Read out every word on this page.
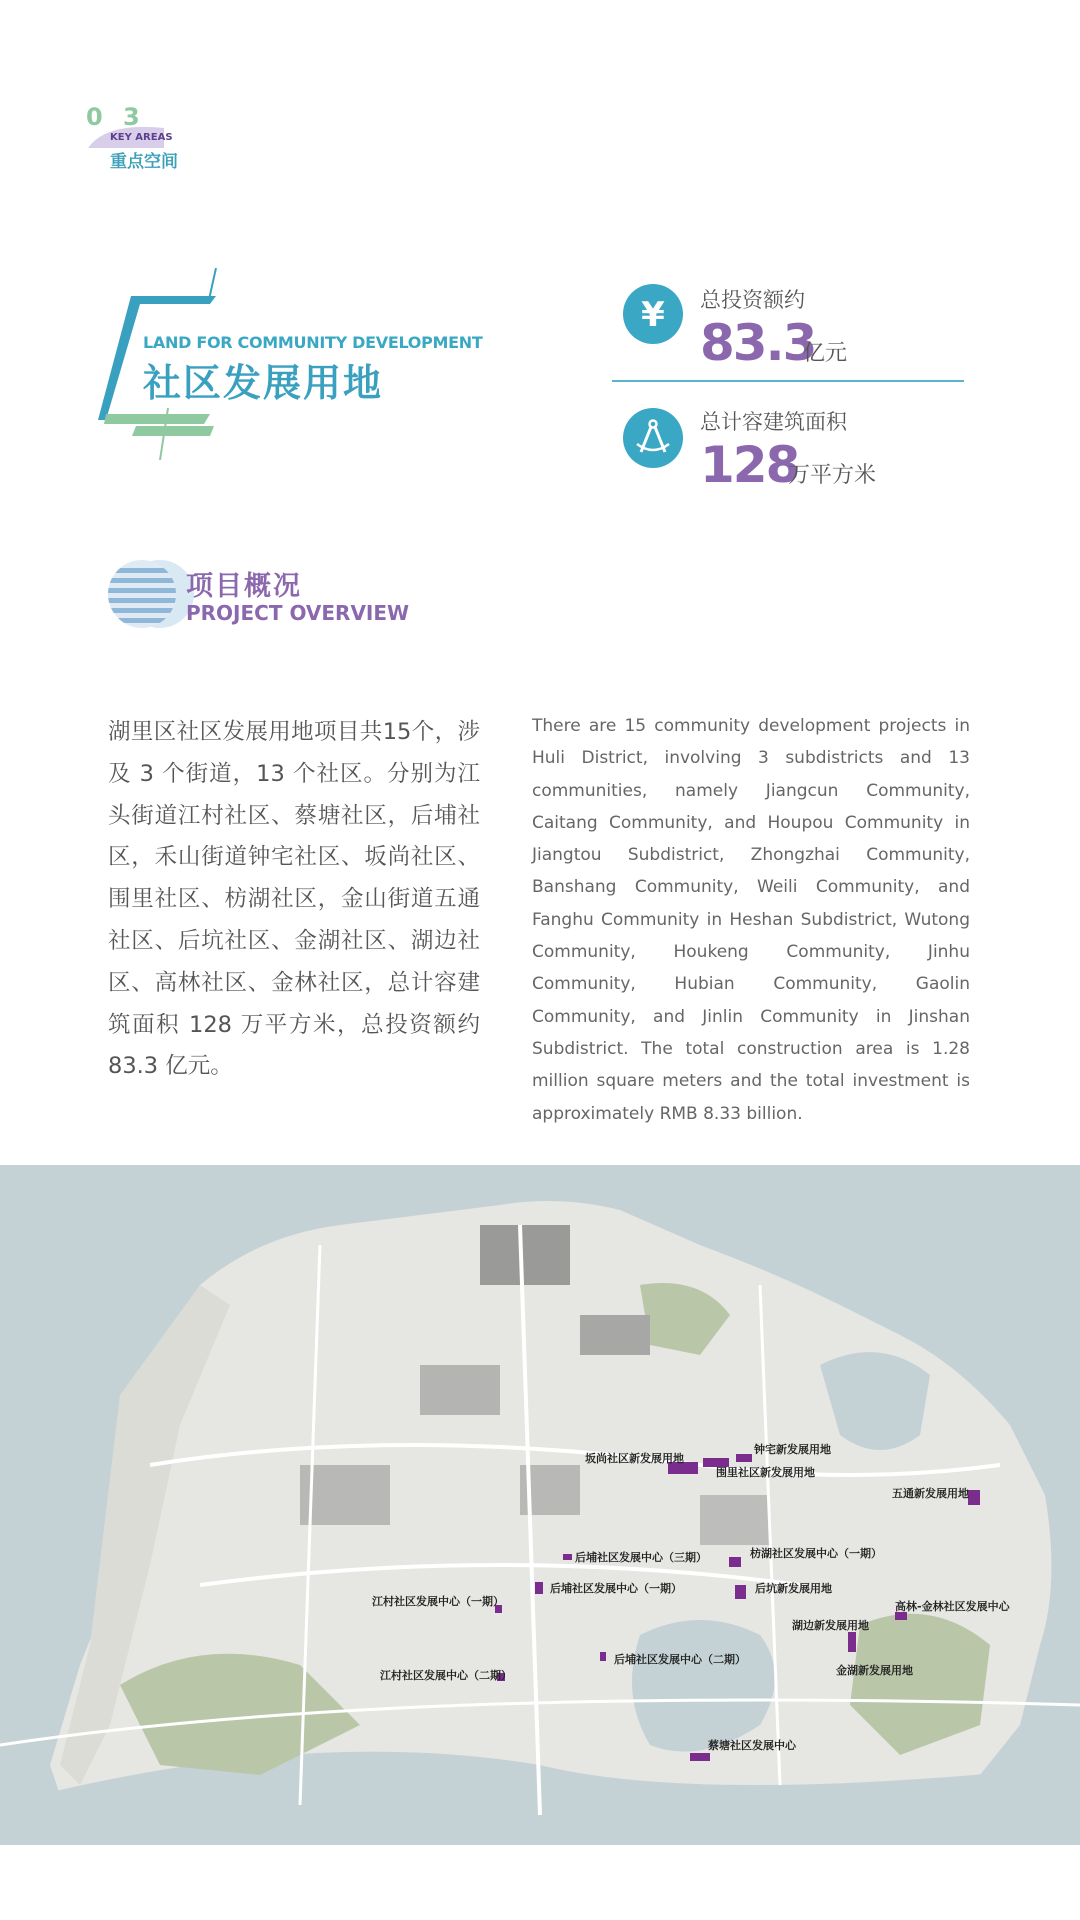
0 3
KEY AREAS
重点空间
LAND FOR COMMUNITY DEVELOPMENT
社区发展用地
¥ 总投资额约
83.3
亿元
总计容建筑面积
128
万平方米
项目概况
PROJECT OVERVIEW
湖里区社区发展用地项目共15个，涉及 3 个街道，13 个社区。分别为江头街道江村社区、蔡塘社区，后埔社区，禾山街道钟宅社区、坂尚社区、围里社区、枋湖社区，金山街道五通社区、后坑社区、金湖社区、湖边社区、高林社区、金林社区，总计容建筑面积 128 万平方米，总投资额约 83.3 亿元。
There are 15 community development projects in Huli District, involving 3 subdistricts and 13 communities, namely Jiangcun Community, Caitang Community, and Houpou Community in Jiangtou Subdistrict, Zhongzhai Community, Banshang Community, Weili Community, and Fanghu Community in Heshan Subdistrict, Wutong Community, Houkeng Community, Jinhu Community, Hubian Community, Gaolin Community, and Jinlin Community in Jinshan Subdistrict. The total construction area is 1.28 million square meters and the total investment is approximately RMB 8.33 billion.
坂尚社区新发展用地
钟宅新发展用地
围里社区新发展用地
五通新发展用地
后埔社区发展中心（三期）	枋湖社区发展中心（一期）
后埔社区发展中心（一期）	后坑新发展用地
江村社区发展中心（一期）	高林-金林社区发展中心
湖边新发展用地
后埔社区发展中心（二期）
金湖新发展用地
江村社区发展中心（二期）
蔡塘社区发展中心
